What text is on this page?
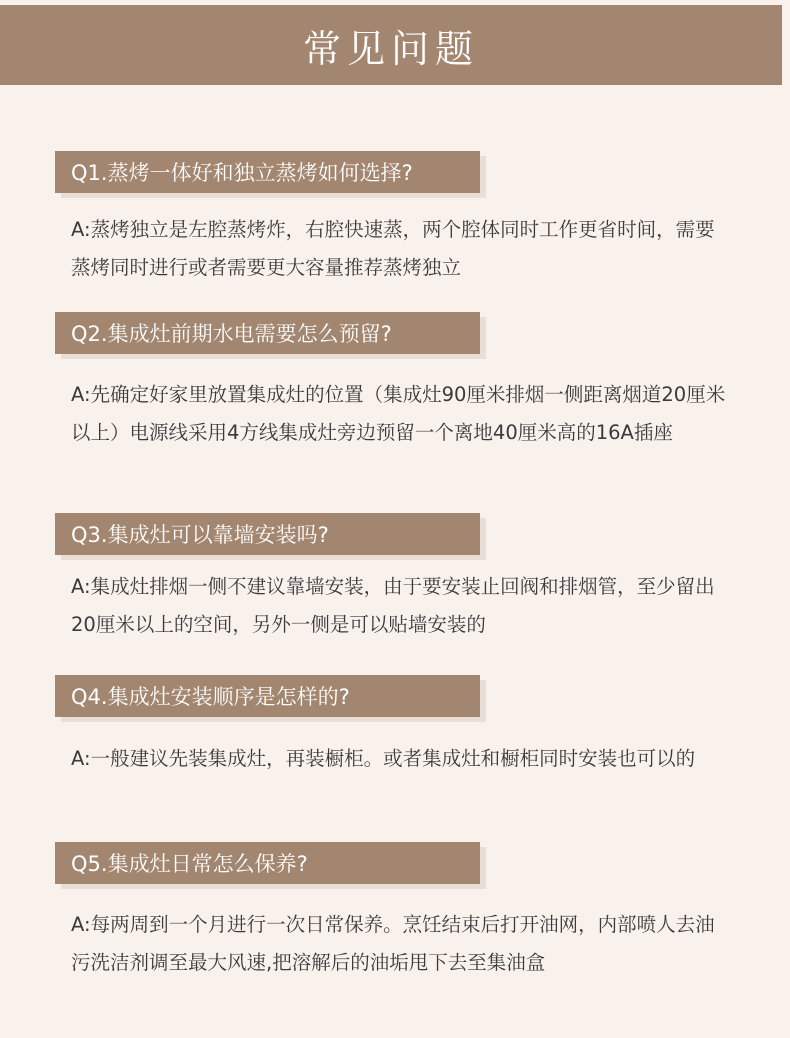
常见问题
Q1.蒸烤一体好和独立蒸烤如何选择?
A:蒸烤独立是左腔蒸烤炸，右腔快速蒸，两个腔体同时工作更省时间，需要蒸烤同时进行或者需要更大容量推荐蒸烤独立
Q2.集成灶前期水电需要怎么预留?
A:先确定好家里放置集成灶的位置（集成灶90厘米排烟一侧距离烟道20厘米以上）电源线采用4方线集成灶旁边预留一个离地40厘米高的16A插座
Q3.集成灶可以靠墙安装吗?
A:集成灶排烟一侧不建议靠墙安装，由于要安装止回阀和排烟管，至少留出20厘米以上的空间，另外一侧是可以贴墙安装的
Q4.集成灶安装顺序是怎样的?
A:一般建议先装集成灶，再装橱柜。或者集成灶和橱柜同时安装也可以的
Q5.集成灶日常怎么保养?
A:每两周到一个月进行一次日常保养。烹饪结束后打开油网，内部喷人去油污洗洁剂调至最大风速,把溶解后的油垢甩下去至集油盒
